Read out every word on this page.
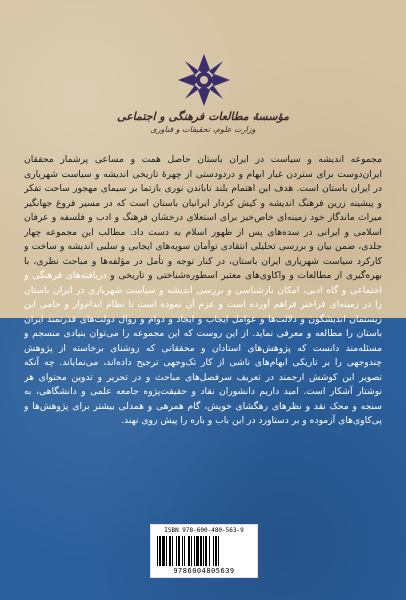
مؤسسهٔ مطالعات فرهنگی و اجتماعی
وزارت علوم، تحقیقات و فناوری
مجموعه اندیشه و سیاست در ایران باستان حاصل همت و مساعی پرشمار محققان ایران‌دوست برای ستردن غبار ابهام و دردودستی از چهرهٔ تاریخی اندیشه و سیاست شهریاری در ایران باستان است. هدف این اهتمام بلند ناباندن نوری بازتما بر سیمای مهجور ساحت تفکر و پیشینه زرین فرهنگ اندیشه و کیش کردار ایرانیان باستان است که در مسیر فروغ جهانگیر میراث ماندگار خود زمینه‌ای خاص‌خیز برای استعلای درخشان فرهنگ و ادب و فلسفه و عرفان اسلامی و ایرانی در سده‌های پس از ظهور اسلام به دست داد. مطالب این مجموعه چهار جلدی، ضمن بیان و بررسی تحلیلی انتقادی توأمان سویه‌های ایجابی و سلبی اندیشه و ساخت و کارکرد سیاست شهریاری ایران باستان، در کنار توجه و تأمل در مؤلفه‌ها و مباحث نظری، با بهره‌گیری از مطالعات و واکاوی‌های معتبر اسطوره‌شناختی و تاریخی و دریافته‌های فرهنگی و اجتماعی و گاه ادبی، امکان بازشناسی و بررسی اندیشه و سیاست شهریاری در ایران باستان را در زمینه‌ای فراختر فراهم آورده است و عزم آن نموده است تا نظام اندام‌وار و حامی این زیستمان اندیشگون و دلالت‌ها و عوامل ایجاب و ایجاد و دوام و زوال دولت‌های قدرتمند ایران باستان را مطالعه و معرفی نماید. از این روست که این مجموعه را می‌توان بنیادی منسجم و مسئله‌مند دانست که پژوهش‌های استادان و محققانی که روشنای برخاسته از پژوهش چندوجهی را بر تاریکی ابهام‌های ناشی از کار تک‌وجهی ترجیح داده‌اند، می‌نمایاند. چه آنکه تصویر این کوشش ارجمند در تعریف سرفصل‌های مباحث و در تحریر و تدوین محتوای هر نوشتار آشکار است. امید داریم دانشوران نقاد و حقیقت‌پژوه جامعه علمی و دانشگاهی، به سنجه و محک نقد و نظرهای رهگشای خویش، گام همرهی و همدلی بیشتر برای پژوهش‌ها و پی‌کاوی‌های آزموده و بر دستاورد در این باب و باره را پیش روی نهند.
ISBN 978-600-480-563-9
9786004805639
